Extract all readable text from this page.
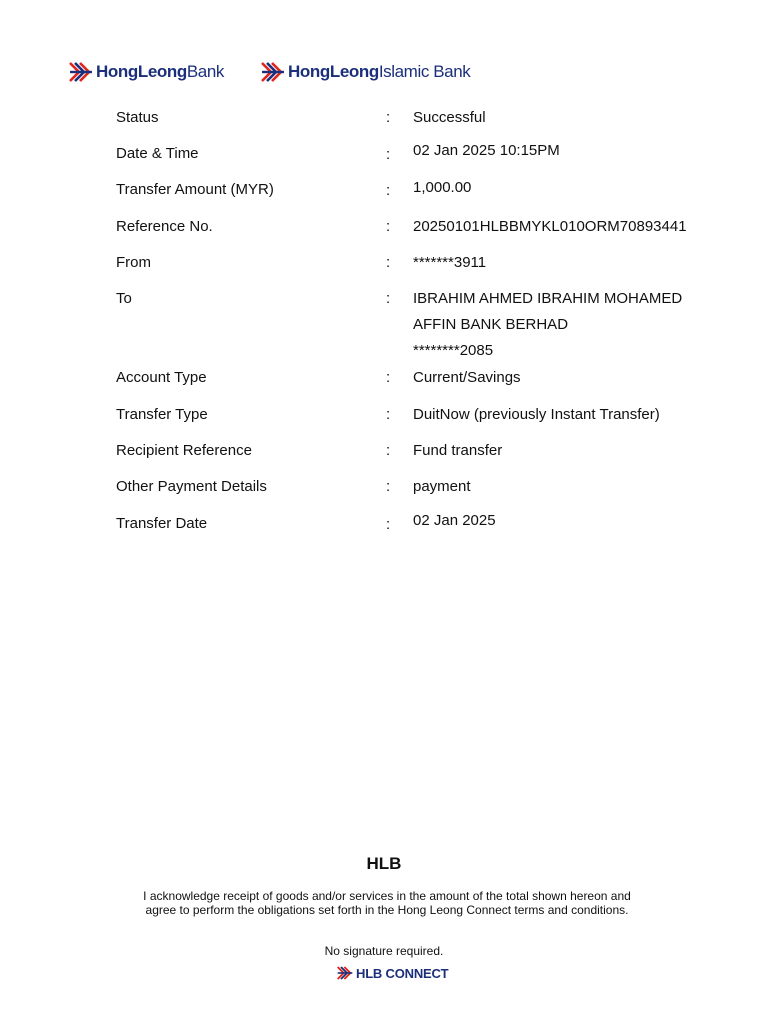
HongLeongBank	HongLeongIslamic Bank
Status	: Successful
Date & Time	: 02 Jan 2025 10:15PM
Transfer Amount (MYR)	: 1,000.00
Reference No.	: 20250101HLBBMYKL010ORM70893441
From	: *******3911
To	: IBRAHIM AHMED IBRAHIM MOHAMED
AFFIN BANK BERHAD
********2085
Account Type	: Current/Savings
Transfer Type	: DuitNow (previously Instant Transfer)
Recipient Reference	: Fund transfer
Other Payment Details	: payment
Transfer Date	: 02 Jan 2025
HLB
I acknowledge receipt of goods and/or services in the amount of the total shown hereon and agree to perform the obligations set forth in the Hong Leong Connect terms and conditions.
No signature required.
HLB CONNECT
